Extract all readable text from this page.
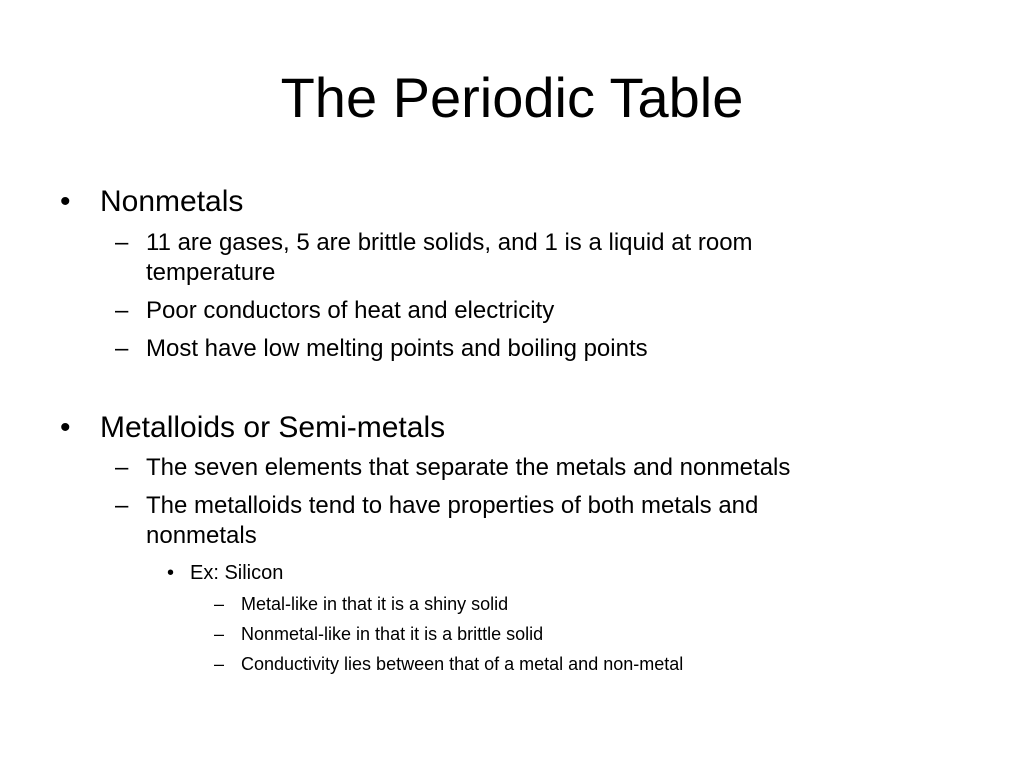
The Periodic Table
• Nonmetals
– 11 are gases, 5 are brittle solids, and 1 is a liquid at room
temperature
– Poor conductors of heat and electricity
– Most have low melting points and boiling points
• Metalloids or Semi-metals
– The seven elements that separate the metals and nonmetals
– The metalloids tend to have properties of both metals and
nonmetals
• Ex: Silicon
– Metal-like in that it is a shiny solid
– Nonmetal-like in that it is a brittle solid
– Conductivity lies between that of a metal and non-metal
